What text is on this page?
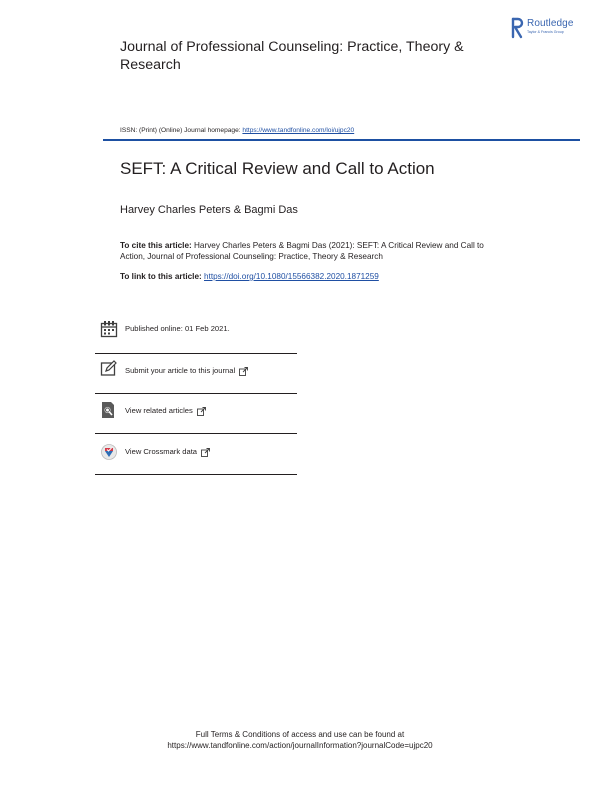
Routledge
Taylor & Francis Group
Journal of Professional Counseling: Practice, Theory & Research
ISSN: (Print) (Online) Journal homepage: https://www.tandfonline.com/loi/ujpc20
SEFT: A Critical Review and Call to Action
Harvey Charles Peters & Bagmi Das
To cite this article: Harvey Charles Peters & Bagmi Das (2021): SEFT: A Critical Review and Call to Action, Journal of Professional Counseling: Practice, Theory & Research
To link to this article: https://doi.org/10.1080/15566382.2020.1871259
Published online: 01 Feb 2021.
Submit your article to this journal
View related articles
View Crossmark data
Full Terms & Conditions of access and use can be found at
https://www.tandfonline.com/action/journalInformation?journalCode=ujpc20
